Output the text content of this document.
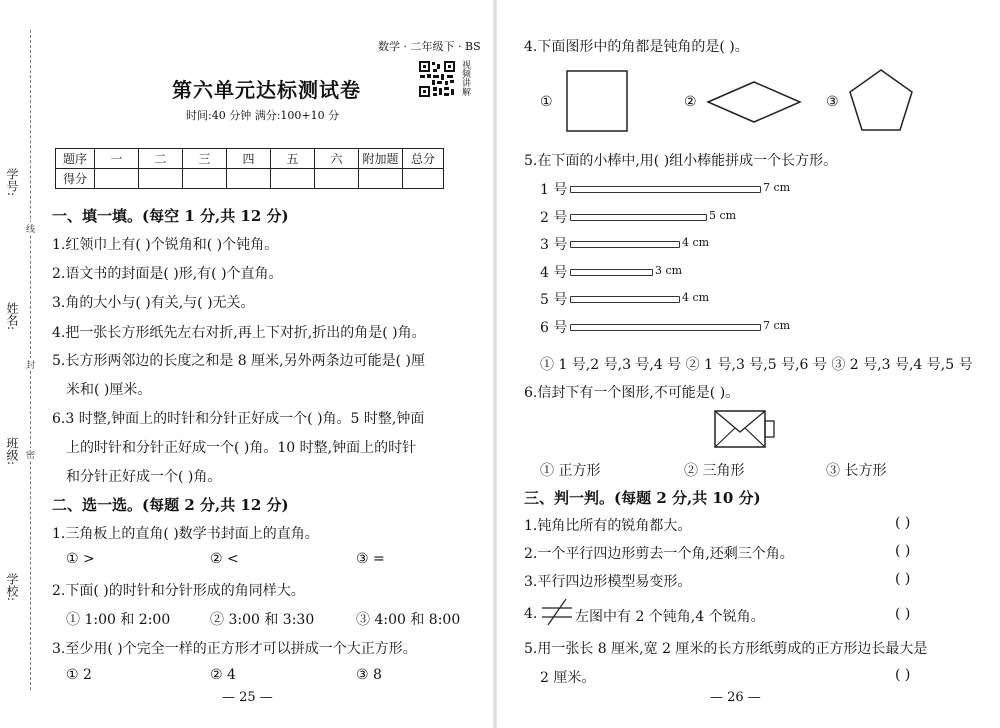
学号:
姓名:
班级:
学校:
线
封
密
数学 · 二年级下 · BS
第六单元达标测试卷
时间:40 分钟 满分:100+10 分
视频讲解
题序	一	二	三	四	五	六	附加题	总分
得分								
一、填一填。(每空 1 分,共 12 分)
1.红领巾上有( )个锐角和( )个钝角。
2.语文书的封面是( )形,有( )个直角。
3.角的大小与( )有关,与( )无关。
4.把一张长方形纸先左右对折,再上下对折,折出的角是( )角。
5.长方形两邻边的长度之和是 8 厘米,另外两条边可能是( )厘
米和( )厘米。
6.3 时整,钟面上的时针和分针正好成一个( )角。5 时整,钟面
上的时针和分针正好成一个( )角。10 时整,钟面上的时针
和分针正好成一个( )角。
二、选一选。(每题 2 分,共 12 分)
1.三角板上的直角( )数学书封面上的直角。
① >	② <	③ =
2.下面( )的时针和分针形成的角同样大。
① 1:00 和 2:00	② 3:00 和 3:30	③ 4:00 和 8:00
3.至少用( )个完全一样的正方形才可以拼成一个大正方形。
① 2	② 4	③ 8
— 25 —
4.下面图形中的角都是钝角的是( )。
①	②	③
5.在下面的小棒中,用( )组小棒能拼成一个长方形。
1 号	7 cm
2 号	5 cm
3 号	4 cm
4 号	3 cm
5 号	4 cm
6 号	7 cm
① 1 号,2 号,3 号,4 号 ② 1 号,3 号,5 号,6 号 ③ 2 号,3 号,4 号,5 号
6.信封下有一个图形,不可能是( )。
① 正方形	② 三角形	③ 长方形
三、判一判。(每题 2 分,共 10 分)
1.钝角比所有的锐角都大。	( )
2.一个平行四边形剪去一个角,还剩三个角。	( )
3.平行四边形模型易变形。	( )
4.	左图中有 2 个钝角,4 个锐角。	( )
5.用一张长 8 厘米,宽 2 厘米的长方形纸剪成的正方形边长最大是
2 厘米。	( )
— 26 —
